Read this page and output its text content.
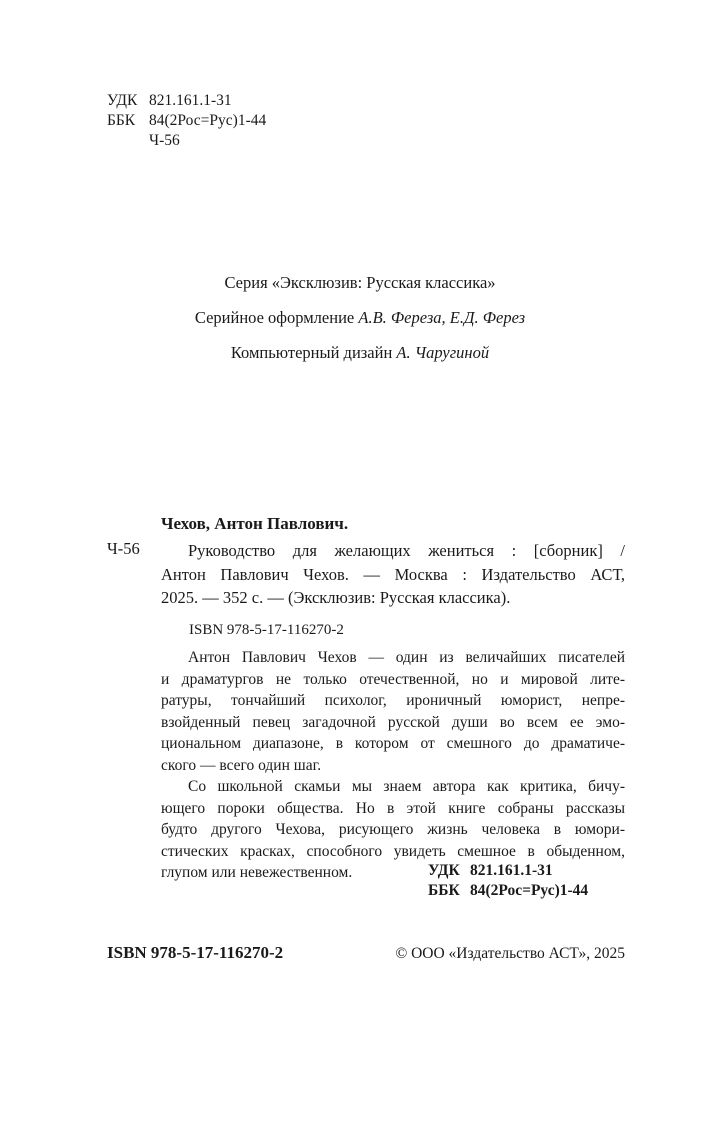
УДК 821.161.1-31
ББК 84(2Рос=Рус)1-44
Ч-56
Серия «Эксклюзив: Русская классика»
Серийное оформление А.В. Фереза, Е.Д. Ферез
Компьютерный дизайн А. Чаругиной
Чехов, Антон Павлович.
Ч-56	Руководство для желающих жениться : [сборник] /
Антон Павлович Чехов. — Москва : Издательство АСТ,
2025. — 352 с. — (Эксклюзив: Русская классика).
ISBN 978-5-17-116270-2
Антон Павлович Чехов — один из величайших писателей
и драматургов не только отечественной, но и мировой лите-
ратуры, тончайший психолог, ироничный юморист, непре-
взойденный певец загадочной русской души во всем ее эмо-
циональном диапазоне, в котором от смешного до драматиче-
ского — всего один шаг.
Со школьной скамьи мы знаем автора как критика, бичу-
ющего пороки общества. Но в этой книге собраны рассказы
будто другого Чехова, рисующего жизнь человека в юмори-
стических красках, способного увидеть смешное в обыденном,
глупом или невежественном.	УДК 821.161.1-31
ББК 84(2Рос=Рус)1-44
ISBN 978-5-17-116270-2	© ООО «Издательство АСТ», 2025
